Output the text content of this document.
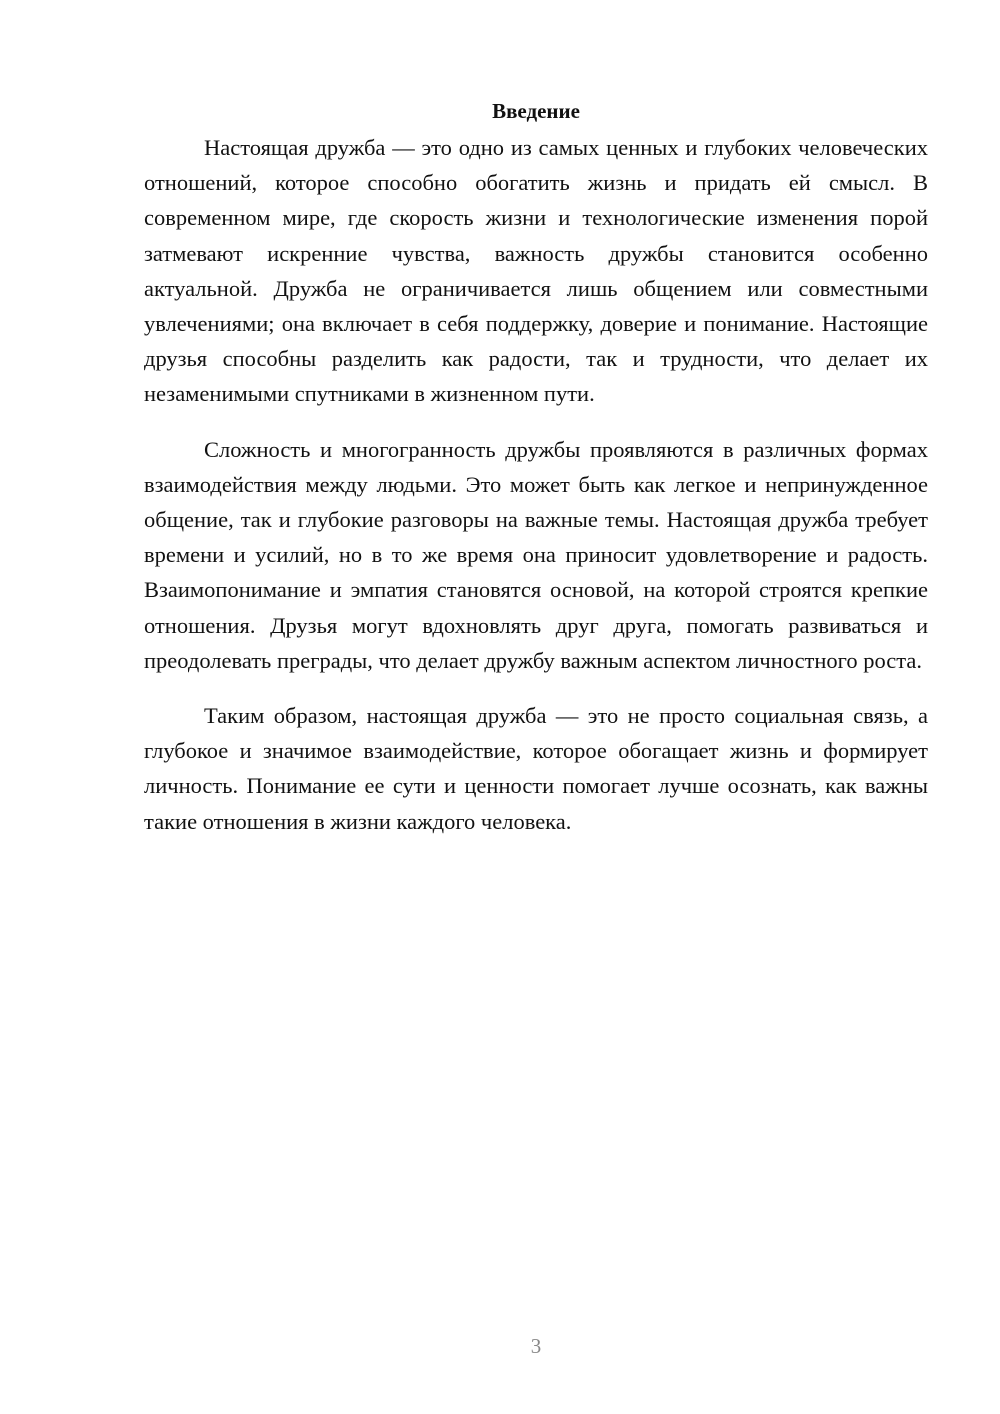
Введение

Настоящая дружба — это одно из самых ценных и глубоких человеческих отношений, которое способно обогатить жизнь и придать ей смысл. В современном мире, где скорость жизни и технологические изменения порой затмевают искренние чувства, важность дружбы становится особенно актуальной. Дружба не ограничивается лишь общением или совместными увлечениями; она включает в себя поддержку, доверие и понимание. Настоящие друзья способны разделить как радости, так и трудности, что делает их незаменимыми спутниками в жизненном пути.

Сложность и многогранность дружбы проявляются в различных формах взаимодействия между людьми. Это может быть как легкое и непринужденное общение, так и глубокие разговоры на важные темы. Настоящая дружба требует времени и усилий, но в то же время она приносит удовлетворение и радость. Взаимопонимание и эмпатия становятся основой, на которой строятся крепкие отношения. Друзья могут вдохновлять друг друга, помогать развиваться и преодолевать преграды, что делает дружбу важным аспектом личностного роста.

Таким образом, настоящая дружба — это не просто социальная связь, а глубокое и значимое взаимодействие, которое обогащает жизнь и формирует личность. Понимание ее сути и ценности помогает лучше осознать, как важны такие отношения в жизни каждого человека.

3
